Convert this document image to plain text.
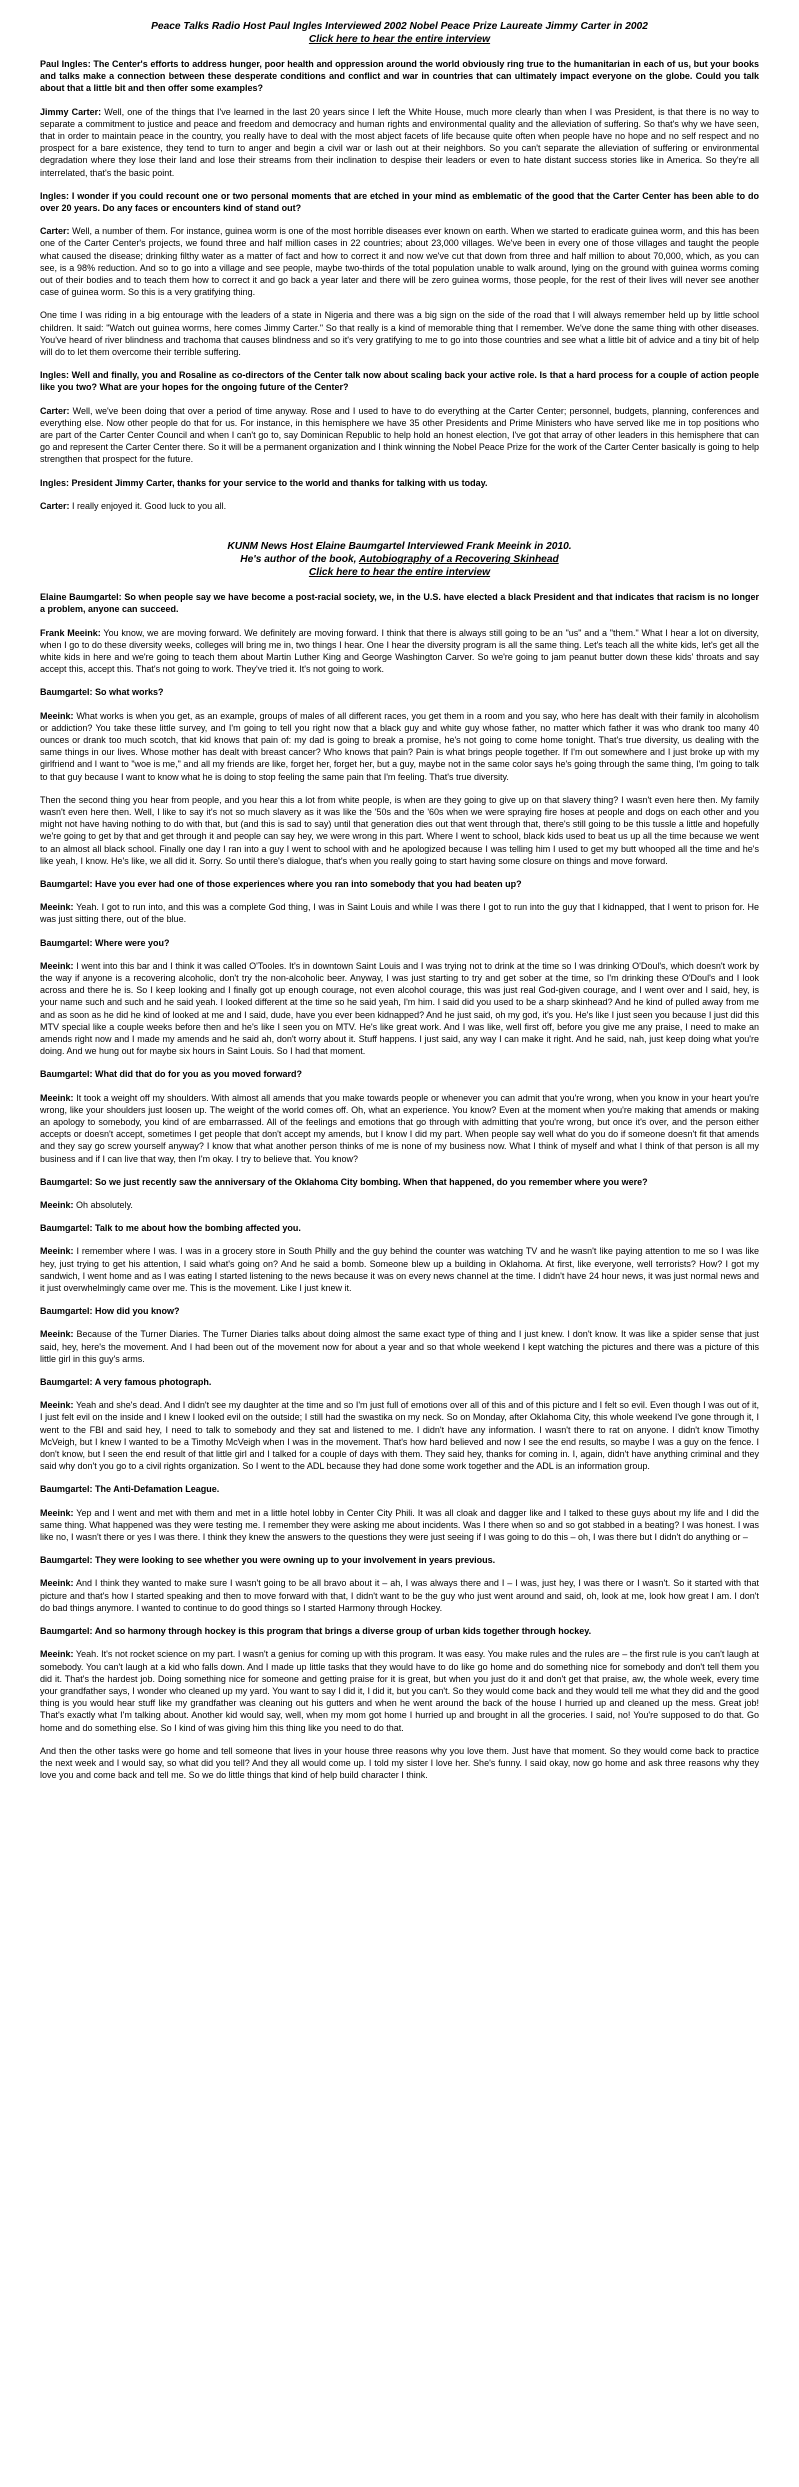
Peace Talks Radio Host Paul Ingles Interviewed 2002 Nobel Peace Prize Laureate Jimmy Carter in 2002
Click here to hear the entire interview

Paul Ingles: The Center's efforts to address hunger, poor health and oppression around the world obviously ring true to the humanitarian in each of us, but your books and talks make a connection between these desperate conditions and conflict and war in countries that can ultimately impact everyone on the globe. Could you talk about that a little bit and then offer some examples?

Jimmy Carter: Well, one of the things that I've learned in the last 20 years since I left the White House, much more clearly than when I was President, is that there is no way to separate a commitment to justice and peace and freedom and democracy and human rights and environmental quality and the alleviation of suffering. So that's why we have seen, that in order to maintain peace in the country, you really have to deal with the most abject facets of life because quite often when people have no hope and no self respect and no prospect for a bare existence, they tend to turn to anger and begin a civil war or lash out at their neighbors. So you can't separate the alleviation of suffering or environmental degradation where they lose their land and lose their streams from their inclination to despise their leaders or even to hate distant success stories like in America. So they're all interrelated, that's the basic point.

Ingles: I wonder if you could recount one or two personal moments that are etched in your mind as emblematic of the good that the Carter Center has been able to do over 20 years. Do any faces or encounters kind of stand out?

Carter: Well, a number of them. For instance, guinea worm is one of the most horrible diseases ever known on earth. When we started to eradicate guinea worm, and this has been one of the Carter Center's projects, we found three and half million cases in 22 countries; about 23,000 villages. We've been in every one of those villages and taught the people what caused the disease; drinking filthy water as a matter of fact and how to correct it and now we've cut that down from three and half million to about 70,000, which, as you can see, is a 98% reduction. And so to go into a village and see people, maybe two-thirds of the total population unable to walk around, lying on the ground with guinea worms coming out of their bodies and to teach them how to correct it and go back a year later and there will be zero guinea worms, those people, for the rest of their lives will never see another case of guinea worm. So this is a very gratifying thing.

One time I was riding in a big entourage with the leaders of a state in Nigeria and there was a big sign on the side of the road that I will always remember held up by little school children. It said: "Watch out guinea worms, here comes Jimmy Carter." So that really is a kind of memorable thing that I remember. We've done the same thing with other diseases. You've heard of river blindness and trachoma that causes blindness and so it's very gratifying to me to go into those countries and see what a little bit of advice and a tiny bit of help will do to let them overcome their terrible suffering.

Ingles: Well and finally, you and Rosaline as co-directors of the Center talk now about scaling back your active role. Is that a hard process for a couple of action people like you two? What are your hopes for the ongoing future of the Center?

Carter: Well, we've been doing that over a period of time anyway. Rose and I used to have to do everything at the Carter Center; personnel, budgets, planning, conferences and everything else. Now other people do that for us. For instance, in this hemisphere we have 35 other Presidents and Prime Ministers who have served like me in top positions who are part of the Carter Center Council and when I can't go to, say Dominican Republic to help hold an honest election, I've got that array of other leaders in this hemisphere that can go and represent the Carter Center there. So it will be a permanent organization and I think winning the Nobel Peace Prize for the work of the Carter Center basically is going to help strengthen that prospect for the future.

Ingles: President Jimmy Carter, thanks for your service to the world and thanks for talking with us today.

Carter: I really enjoyed it. Good luck to you all.

KUNM News Host Elaine Baumgartel Interviewed Frank Meeink in 2010.
He's author of the book, Autobiography of a Recovering Skinhead
Click here to hear the entire interview

Elaine Baumgartel: So when people say we have become a post-racial society, we, in the U.S. have elected a black President and that indicates that racism is no longer a problem, anyone can succeed.

Frank Meeink: You know, we are moving forward. We definitely are moving forward. I think that there is always still going to be an "us" and a "them." What I hear a lot on diversity, when I go to do these diversity weeks, colleges will bring me in, two things I hear. One I hear the diversity program is all the same thing. Let's teach all the white kids, let's get all the white kids in here and we're going to teach them about Martin Luther King and George Washington Carver. So we're going to jam peanut butter down these kids' throats and say accept this, accept this. That's not going to work. They've tried it. It's not going to work.

Baumgartel: So what works?

Meeink: What works is when you get, as an example, groups of males of all different races, you get them in a room and you say, who here has dealt with their family in alcoholism or addiction? You take these little survey, and I'm going to tell you right now that a black guy and white guy whose father, no matter which father it was who drank too many 40 ounces or drank too much scotch, that kid knows that pain of: my dad is going to break a promise, he's not going to come home tonight. That's true diversity, us dealing with the same things in our lives. Whose mother has dealt with breast cancer? Who knows that pain? Pain is what brings people together. If I'm out somewhere and I just broke up with my girlfriend and I want to "woe is me," and all my friends are like, forget her, forget her, but a guy, maybe not in the same color says he's going through the same thing, I'm going to talk to that guy because I want to know what he is doing to stop feeling the same pain that I'm feeling. That's true diversity.

Then the second thing you hear from people, and you hear this a lot from white people, is when are they going to give up on that slavery thing? I wasn't even here then. My family wasn't even here then. Well, I like to say it's not so much slavery as it was like the '50s and the '60s when we were spraying fire hoses at people and dogs on each other and you might not have having nothing to do with that, but (and this is sad to say) until that generation dies out that went through that, there's still going to be this tussle a little and hopefully we're going to get by that and get through it and people can say hey, we were wrong in this part. Where I went to school, black kids used to beat us up all the time because we went to an almost all black school. Finally one day I ran into a guy I went to school with and he apologized because I was telling him I used to get my butt whooped all the time and he's like yeah, I know. He's like, we all did it. Sorry. So until there's dialogue, that's when you really going to start having some closure on things and move forward.

Baumgartel: Have you ever had one of those experiences where you ran into somebody that you had beaten up?

Meeink: Yeah. I got to run into, and this was a complete God thing, I was in Saint Louis and while I was there I got to run into the guy that I kidnapped, that I went to prison for. He was just sitting there, out of the blue.

Baumgartel: Where were you?

Meeink: I went into this bar and I think it was called O'Tooles. It's in downtown Saint Louis and I was trying not to drink at the time so I was drinking O'Doul's, which doesn't work by the way if anyone is a recovering alcoholic, don't try the non-alcoholic beer. Anyway, I was just starting to try and get sober at the time, so I'm drinking these O'Doul's and I look across and there he is. So I keep looking and I finally got up enough courage, not even alcohol courage, this was just real God-given courage, and I went over and I said, hey, is your name such and such and he said yeah. I looked different at the time so he said yeah, I'm him. I said did you used to be a sharp skinhead? And he kind of pulled away from me and as soon as he did he kind of looked at me and I said, dude, have you ever been kidnapped? And he just said, oh my god, it's you. He's like I just seen you because I just did this MTV special like a couple weeks before then and he's like I seen you on MTV. He's like great work. And I was like, well first off, before you give me any praise, I need to make an amends right now and I made my amends and he said ah, don't worry about it. Stuff happens. I just said, any way I can make it right. And he said, nah, just keep doing what you're doing. And we hung out for maybe six hours in Saint Louis. So I had that moment.

Baumgartel: What did that do for you as you moved forward?

Meeink: It took a weight off my shoulders. With almost all amends that you make towards people or whenever you can admit that you're wrong, when you know in your heart you're wrong, like your shoulders just loosen up. The weight of the world comes off. Oh, what an experience. You know? Even at the moment when you're making that amends or making an apology to somebody, you kind of are embarrassed. All of the feelings and emotions that go through with admitting that you're wrong, but once it's over, and the person either accepts or doesn't accept, sometimes I get people that don't accept my amends, but I know I did my part. When people say well what do you do if someone doesn't fit that amends and they say go screw yourself anyway? I know that what another person thinks of me is none of my business now. What I think of myself and what I think of that person is all my business and if I can live that way, then I'm okay. I try to believe that. You know?

Baumgartel: So we just recently saw the anniversary of the Oklahoma City bombing. When that happened, do you remember where you were?

Meeink: Oh absolutely.

Baumgartel: Talk to me about how the bombing affected you.

Meeink: I remember where I was. I was in a grocery store in South Philly and the guy behind the counter was watching TV and he wasn't like paying attention to me so I was like hey, just trying to get his attention, I said what's going on? And he said a bomb. Someone blew up a building in Oklahoma. At first, like everyone, well terrorists? How? I got my sandwich, I went home and as I was eating I started listening to the news because it was on every news channel at the time. I didn't have 24 hour news, it was just normal news and it just overwhelmingly came over me. This is the movement. Like I just knew it.

Baumgartel: How did you know?

Meeink: Because of the Turner Diaries. The Turner Diaries talks about doing almost the same exact type of thing and I just knew. I don't know. It was like a spider sense that just said, hey, here's the movement. And I had been out of the movement now for about a year and so that whole weekend I kept watching the pictures and there was a picture of this little girl in this guy's arms.

Baumgartel: A very famous photograph.

Meeink: Yeah and she's dead. And I didn't see my daughter at the time and so I'm just full of emotions over all of this and of this picture and I felt so evil. Even though I was out of it, I just felt evil on the inside and I knew I looked evil on the outside; I still had the swastika on my neck. So on Monday, after Oklahoma City, this whole weekend I've gone through it, I went to the FBI and said hey, I need to talk to somebody and they sat and listened to me. I didn't have any information. I wasn't there to rat on anyone. I didn't know Timothy McVeigh, but I knew I wanted to be a Timothy McVeigh when I was in the movement. That's how hard believed and now I see the end results, so maybe I was a guy on the fence. I don't know, but I seen the end result of that little girl and I talked for a couple of days with them. They said hey, thanks for coming in. I, again, didn't have anything criminal and they said why don't you go to a civil rights organization. So I went to the ADL because they had done some work together and the ADL is an information group.

Baumgartel: The Anti-Defamation League.

Meeink: Yep and I went and met with them and met in a little hotel lobby in Center City Phili. It was all cloak and dagger like and I talked to these guys about my life and I did the same thing. What happened was they were testing me. I remember they were asking me about incidents. Was I there when so and so got stabbed in a beating? I was honest. I was like no, I wasn't there or yes I was there. I think they knew the answers to the questions they were just seeing if I was going to do this – oh, I was there but I didn't do anything or –

Baumgartel: They were looking to see whether you were owning up to your involvement in years previous.

Meeink: And I think they wanted to make sure I wasn't going to be all bravo about it – ah, I was always there and I – I was, just hey, I was there or I wasn't. So it started with that picture and that's how I started speaking and then to move forward with that, I didn't want to be the guy who just went around and said, oh, look at me, look how great I am. I don't do bad things anymore. I wanted to continue to do good things so I started Harmony through Hockey.

Baumgartel: And so harmony through hockey is this program that brings a diverse group of urban kids together through hockey.

Meeink: Yeah. It's not rocket science on my part. I wasn't a genius for coming up with this program. It was easy. You make rules and the rules are – the first rule is you can't laugh at somebody. You can't laugh at a kid who falls down. And I made up little tasks that they would have to do like go home and do something nice for somebody and don't tell them you did it. That's the hardest job. Doing something nice for someone and getting praise for it is great, but when you just do it and don't get that praise, aw, the whole week, every time your grandfather says, I wonder who cleaned up my yard. You want to say I did it, I did it, but you can't. So they would come back and they would tell me what they did and the good thing is you would hear stuff like my grandfather was cleaning out his gutters and when he went around the back of the house I hurried up and cleaned up the mess. Great job! That's exactly what I'm talking about. Another kid would say, well, when my mom got home I hurried up and brought in all the groceries. I said, no! You're supposed to do that. Go home and do something else. So I kind of was giving him this thing like you need to do that.

And then the other tasks were go home and tell someone that lives in your house three reasons why you love them. Just have that moment. So they would come back to practice the next week and I would say, so what did you tell? And they all would come up. I told my sister I love her. She's funny. I said okay, now go home and ask three reasons why they love you and come back and tell me. So we do little things that kind of help build character I think.
